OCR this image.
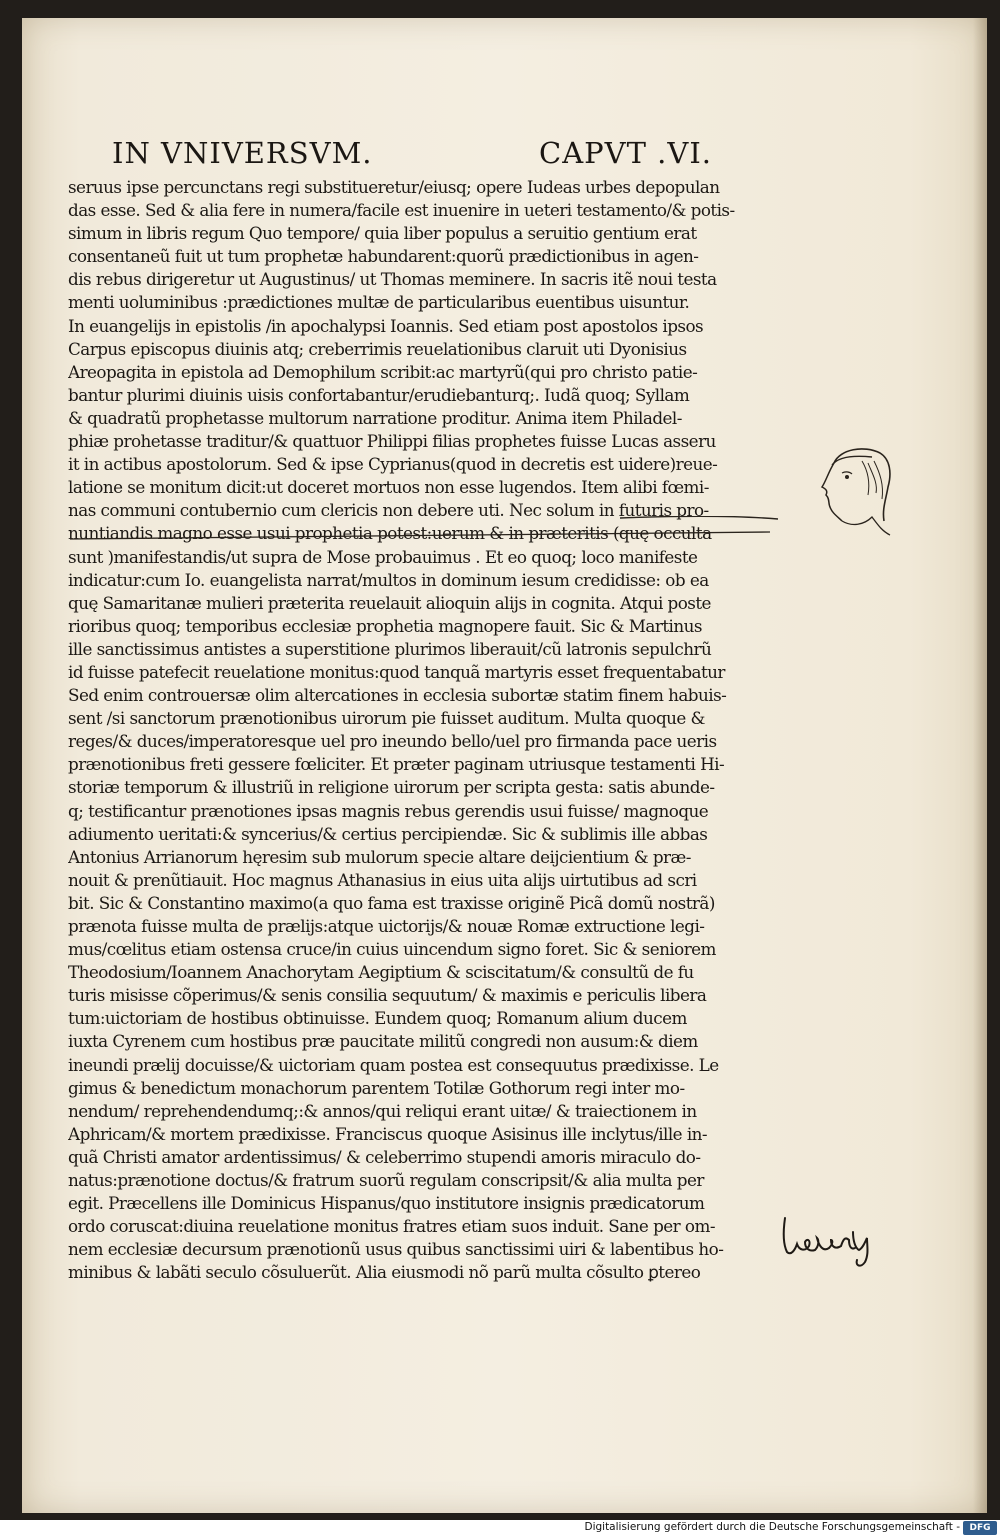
IN VNIVERSVM.	CAPVT .VI.
seruus ipse percunctans regi substitueretur/eiusq; opere Iudeas urbes depopulan
das esse. Sed & alia fere in numera/facile est inuenire in ueteri testamento/& potis-
simum in libris regum Quo tempore/ quia liber populus a seruitio gentium erat
consentaneũ fuit ut tum prophetæ habundarent:quorũ prædictionibus in agen-
dis rebus dirigeretur ut Augustinus/ ut Thomas meminere. In sacris itẽ noui testa
menti uoluminibus :prædictiones multæ de particularibus euentibus uisuntur.
In euangelijs in epistolis /in apochalypsi Ioannis. Sed etiam post apostolos ipsos
Carpus episcopus diuinis atq; creberrimis reuelationibus claruit uti Dyonisius
Areopagita in epistola ad Demophilum scribit:ac martyrũ(qui pro christo patie-
bantur plurimi diuinis uisis confortabantur/erudiebanturq;. Iudã quoq; Syllam
& quadratũ prophetasse multorum narratione proditur. Anima item Philadel-
phiæ prohetasse traditur/& quattuor Philippi filias prophetes fuisse Lucas asseru
it in actibus apostolorum. Sed & ipse Cyprianus(quod in decretis est uidere)reue-
latione se monitum dicit:ut doceret mortuos non esse lugendos. Item alibi fœmi-
nas communi contubernio cum clericis non debere uti. Nec solum in futuris pro-
nuntiandis magno esse usui prophetia potest:uerum & in præteritis (quę occulta
sunt )manifestandis/ut supra de Mose probauimus . Et eo quoq; loco manifeste
indicatur:cum Io. euangelista narrat/multos in dominum iesum credidisse: ob ea
quę Samaritanæ mulieri præterita reuelauit alioquin alijs in cognita. Atqui poste
rioribus quoq; temporibus ecclesiæ prophetia magnopere fauit. Sic & Martinus
ille sanctissimus antistes a superstitione plurimos liberauit/cũ latronis sepulchrũ
id fuisse patefecit reuelatione monitus:quod tanquã martyris esset frequentabatur
Sed enim controuersæ olim altercationes in ecclesia subortæ statim finem habuis-
sent /si sanctorum prænotionibus uirorum pie fuisset auditum. Multa quoque &
reges/& duces/imperatoresque uel pro ineundo bello/uel pro firmanda pace ueris
prænotionibus freti gessere fœliciter. Et præter paginam utriusque testamenti Hi-
storiæ temporum & illustriũ in religione uirorum per scripta gesta: satis abunde-
q; testificantur prænotiones ipsas magnis rebus gerendis usui fuisse/ magnoque
adiumento ueritati:& syncerius/& certius percipiendæ. Sic & sublimis ille abbas
Antonius Arrianorum hęresim sub mulorum specie altare deijcientium & præ-
nouit & prenũtiauit. Hoc magnus Athanasius in eius uita alijs uirtutibus ad scri
bit. Sic & Constantino maximo(a quo fama est traxisse originẽ Picã domũ nostrã)
prænota fuisse multa de prælijs:atque uictorijs/& nouæ Romæ extructione legi-
mus/cœlitus etiam ostensa cruce/in cuius uincendum signo foret. Sic & seniorem
Theodosium/Ioannem Anachorytam Aegiptium & sciscitatum/& consultũ de fu
turis misisse cõperimus/& senis consilia sequutum/ & maximis e periculis libera
tum:uictoriam de hostibus obtinuisse. Eundem quoq; Romanum alium ducem
iuxta Cyrenem cum hostibus præ paucitate militũ congredi non ausum:& diem
ineundi prælij docuisse/& uictoriam quam postea est consequutus prædixisse. Le
gimus & benedictum monachorum parentem Totilæ Gothorum regi inter mo-
nendum/ reprehendendumq;:& annos/qui reliqui erant uitæ/ & traiectionem in
Aphricam/& mortem prædixisse. Franciscus quoque Asisinus ille inclytus/ille in-
quã Christi amator ardentissimus/ & celeberrimo stupendi amoris miraculo do-
natus:prænotione doctus/& fratrum suorũ regulam conscripsit/& alia multa per
egit. Præcellens ille Dominicus Hispanus/quo institutore insignis prædicatorum
ordo coruscat:diuina reuelatione monitus fratres etiam suos induit. Sane per om-
nem ecclesiæ decursum prænotionũ usus quibus sanctissimi uiri & labentibus ho-
minibus & labãti seculo cõsuluerũt. Alia eiusmodi nõ parũ multa cõsulto ꝑtereo
labentis
Digitalisierung gefördert durch die Deutsche Forschungsgemeinschaft -	DFG
